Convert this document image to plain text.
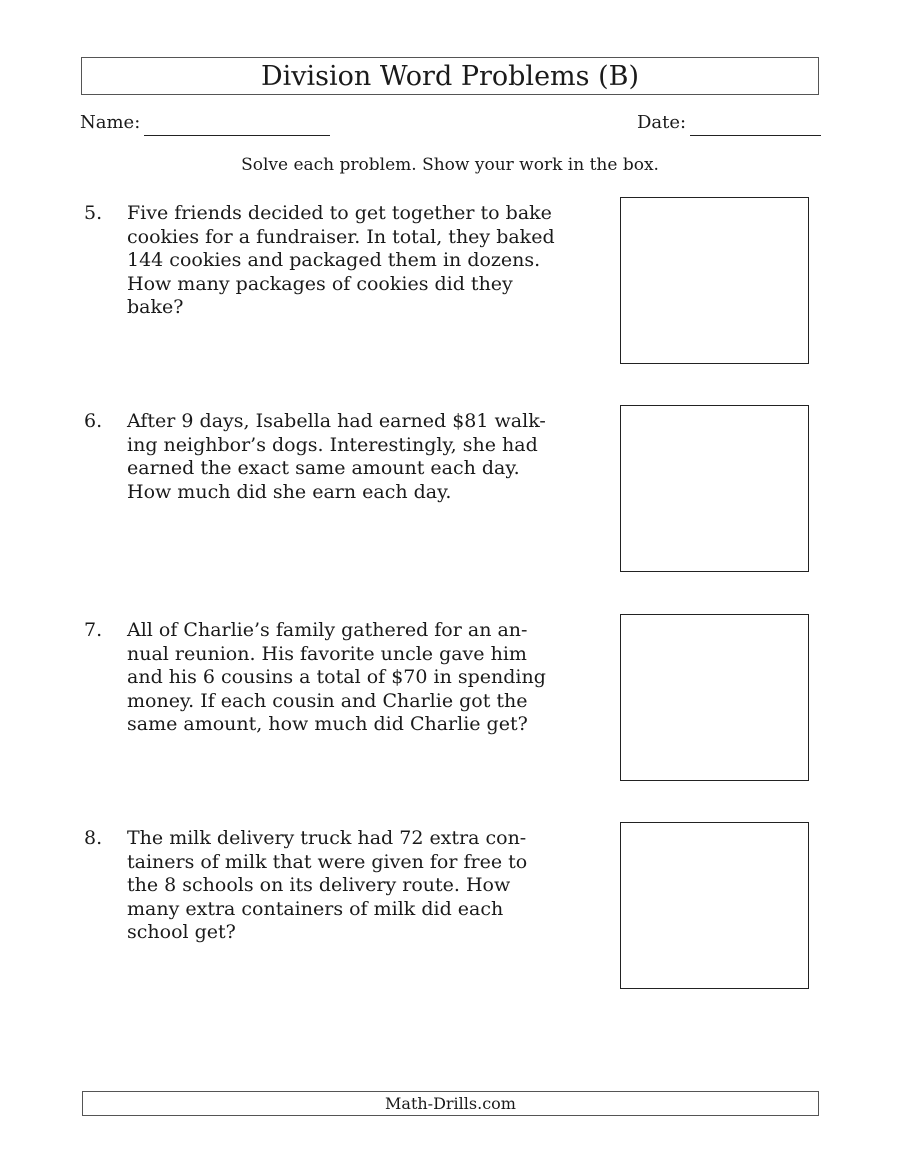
Division Word Problems (B)
Name:	Date:
Solve each problem. Show your work in the box.
5. Five friends decided to get together to bake
cookies for a fundraiser. In total, they baked
144 cookies and packaged them in dozens.
How many packages of cookies did they
bake?
6. After 9 days, Isabella had earned $81 walk-
ing neighbor’s dogs. Interestingly, she had
earned the exact same amount each day.
How much did she earn each day.
7. All of Charlie’s family gathered for an an-
nual reunion. His favorite uncle gave him
and his 6 cousins a total of $70 in spending
money. If each cousin and Charlie got the
same amount, how much did Charlie get?
8. The milk delivery truck had 72 extra con-
tainers of milk that were given for free to
the 8 schools on its delivery route. How
many extra containers of milk did each
school get?
Math-Drills.com
